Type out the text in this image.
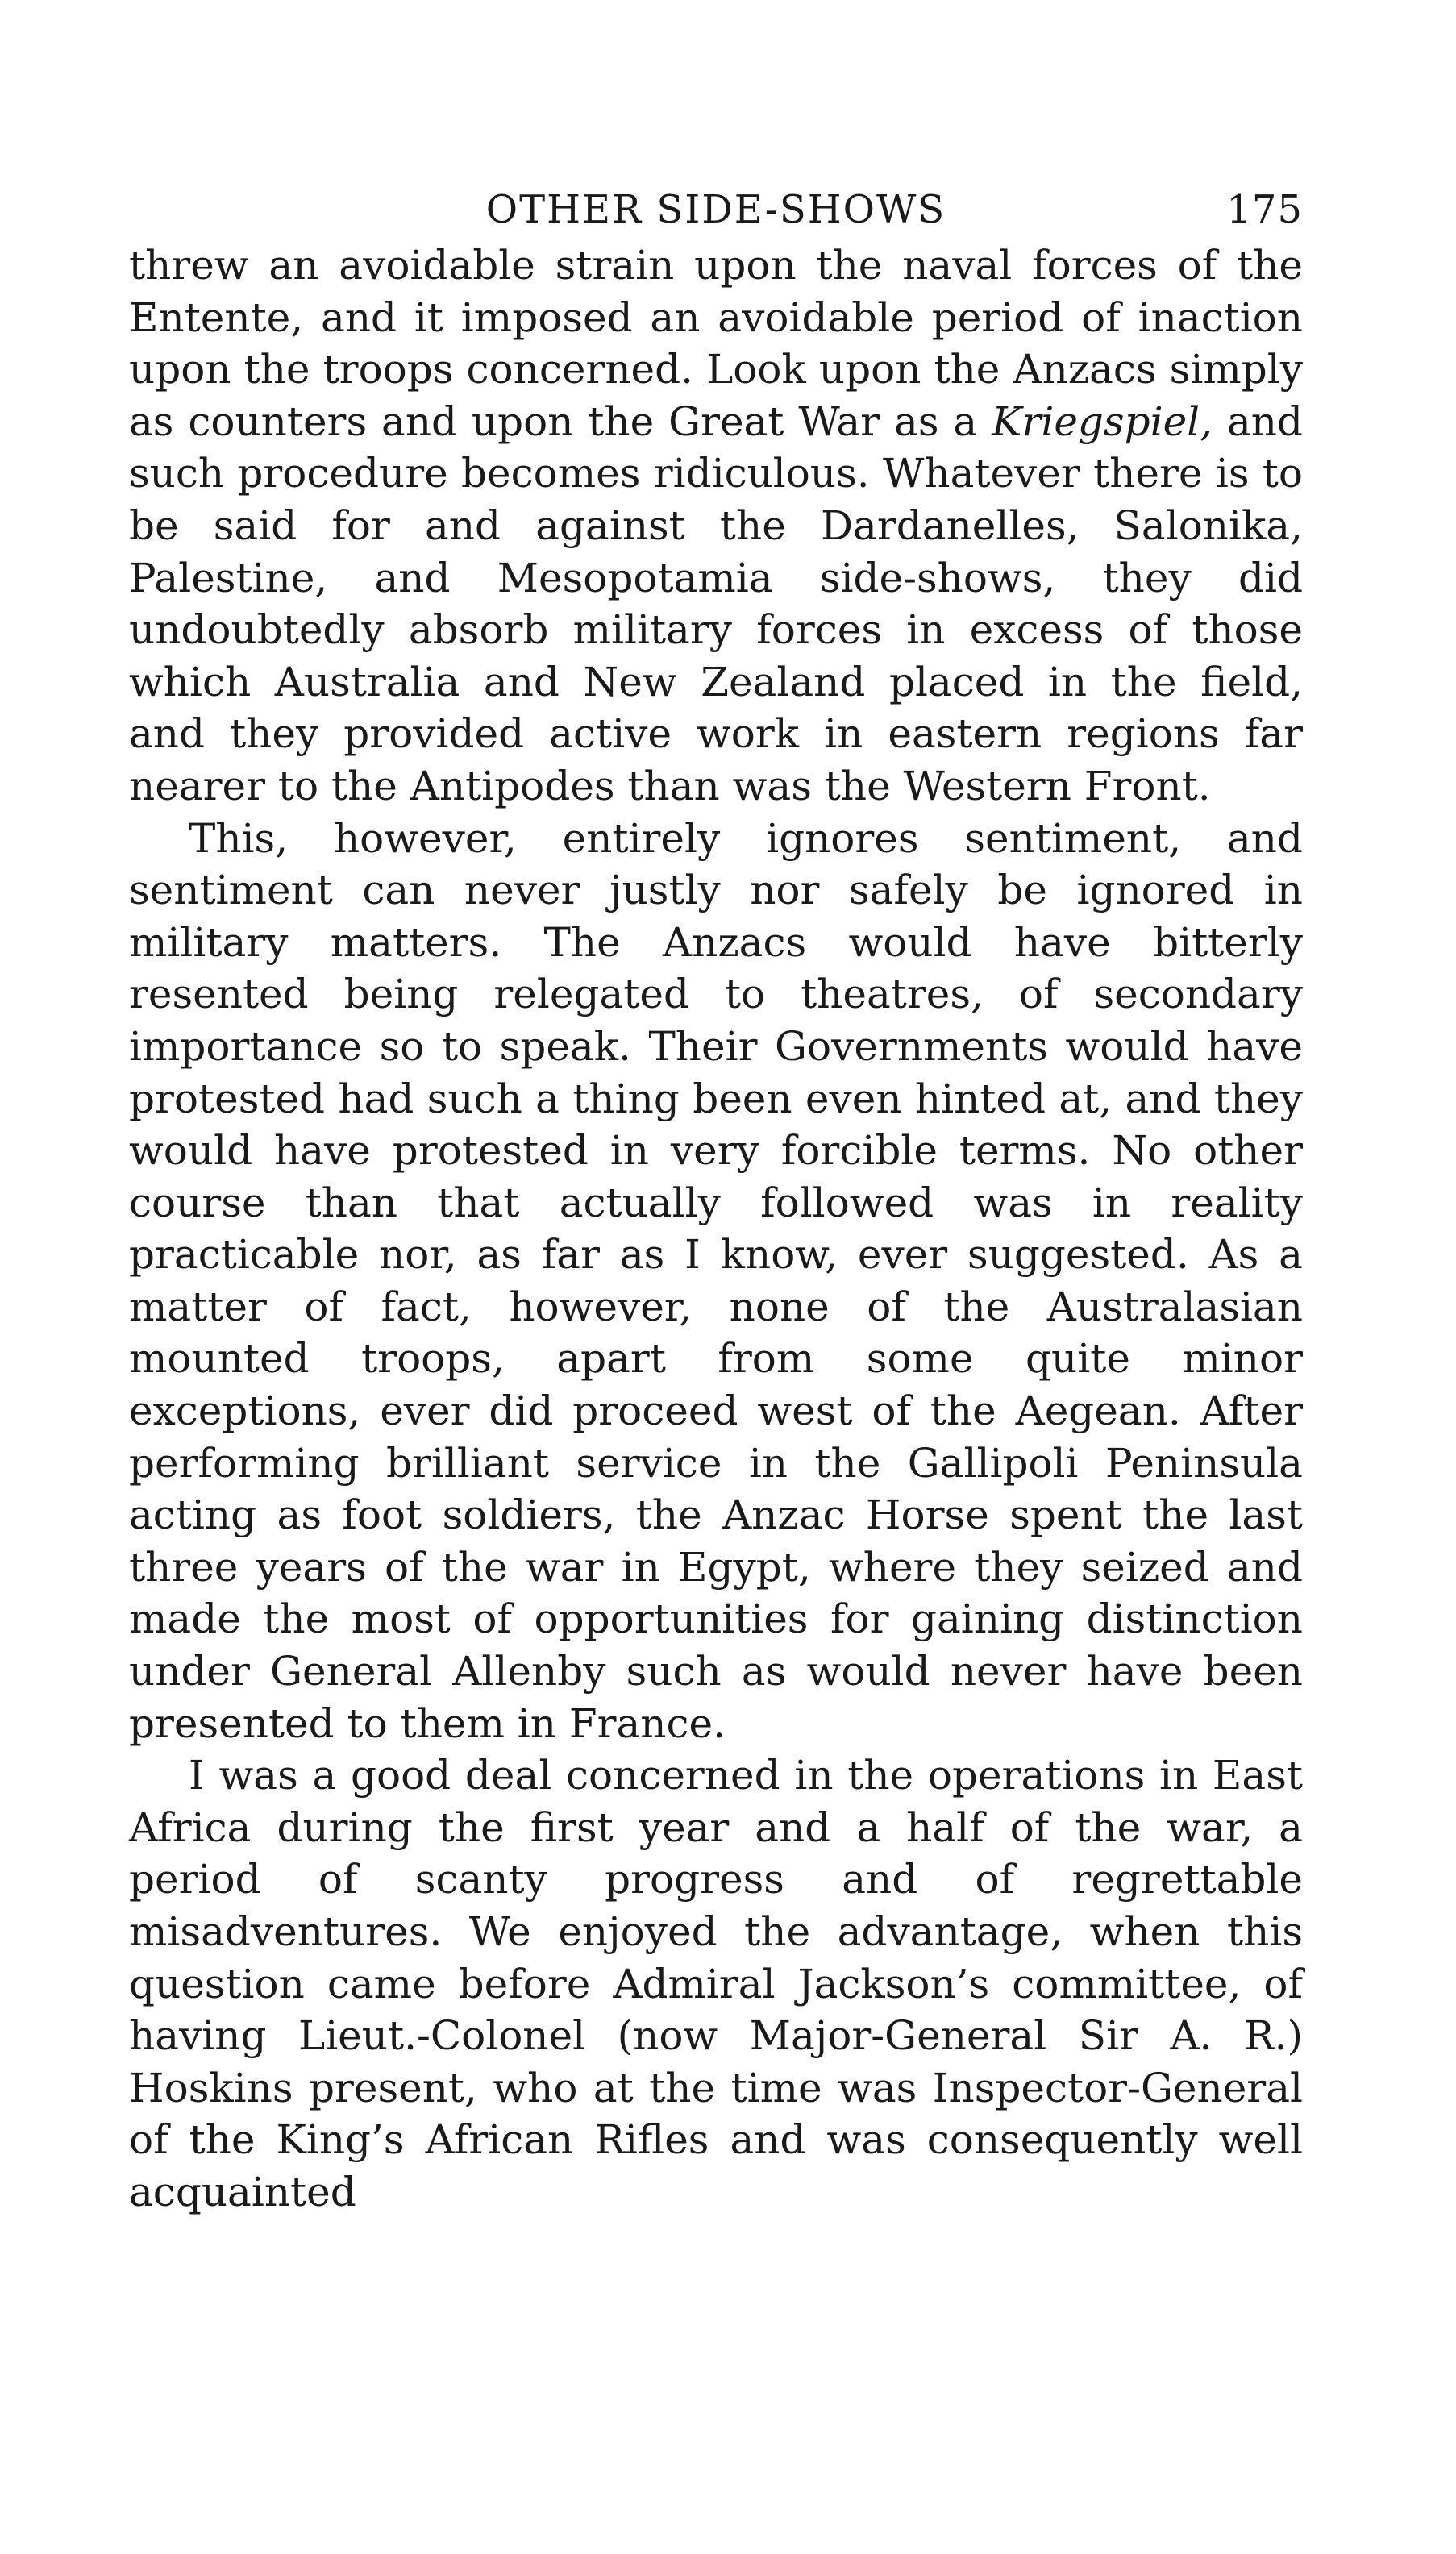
OTHER SIDE-SHOWS	175

threw an avoidable strain upon the naval forces of the Entente, and it imposed an avoidable period of inaction upon the troops concerned. Look upon the Anzacs simply as counters and upon the Great War as a Kriegspiel, and such procedure becomes ridiculous. Whatever there is to be said for and against the Dardanelles, Salonika, Palestine, and Mesopotamia side-shows, they did undoubtedly absorb military forces in excess of those which Australia and New Zealand placed in the field, and they provided active work in eastern regions far nearer to the Antipodes than was the Western Front.

This, however, entirely ignores sentiment, and sentiment can never justly nor safely be ignored in military matters. The Anzacs would have bitterly resented being relegated to theatres, of secondary importance so to speak. Their Governments would have protested had such a thing been even hinted at, and they would have protested in very forcible terms. No other course than that actually followed was in reality practicable nor, as far as I know, ever suggested. As a matter of fact, however, none of the Australasian mounted troops, apart from some quite minor exceptions, ever did proceed west of the Aegean. After performing brilliant service in the Gallipoli Peninsula acting as foot soldiers, the Anzac Horse spent the last three years of the war in Egypt, where they seized and made the most of opportunities for gaining distinction under General Allenby such as would never have been presented to them in France.

I was a good deal concerned in the operations in East Africa during the first year and a half of the war, a period of scanty progress and of regrettable misadventures. We enjoyed the advantage, when this question came before Admiral Jackson’s committee, of having Lieut.-Colonel (now Major-General Sir A. R.) Hoskins present, who at the time was Inspector-General of the King’s African Rifles and was consequently well acquainted
